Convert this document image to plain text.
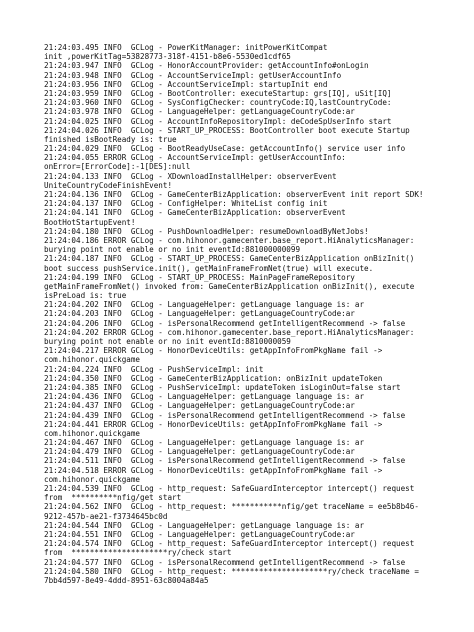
21:24:03.495 INFO  GCLog - PowerKitManager: initPowerKitCompat
init ,powerKitTag=53828773-318f-4151-b8e6-5530ed1cdf65
21:24:03.947 INFO  GCLog - HonorAccountProvider: getAccountInfo#onLogin
21:24:03.948 INFO  GCLog - AccountServiceImpl: getUserAccountInfo
21:24:03.956 INFO  GCLog - AccountServiceImpl: startupInit end
21:24:03.959 INFO  GCLog - BootController: executeStartup: grs[IQ], uSit[IQ]
21:24:03.960 INFO  GCLog - SysConfigChecker: countryCode:IQ,lastCountryCode:
21:24:03.978 INFO  GCLog - LanguageHelper: getLanguageCountryCode:ar
21:24:04.025 INFO  GCLog - AccountInfoRepositoryImpl: deCodeSpUserInfo start
21:24:04.026 INFO  GCLog - START_UP_PROCESS: BootController boot execute Startup
finished isBootReady is: true
21:24:04.029 INFO  GCLog - BootReadyUseCase: getAccountInfo() service user info
21:24:04.055 ERROR GCLog - AccountServiceImpl: getUserAccountInfo:
onError=[ErrorCode]:-1[DES]:null
21:24:04.133 INFO  GCLog - XDownloadInstallHelper: observerEvent
UniteCountryCodeFinishEvent!
21:24:04.136 INFO  GCLog - GameCenterBizApplication: observerEvent init report SDK!
21:24:04.137 INFO  GCLog - ConfigHelper: WhiteList config init
21:24:04.141 INFO  GCLog - GameCenterBizApplication: observerEvent
BootHotStartupEvent!
21:24:04.180 INFO  GCLog - PushDownloadHelper: resumeDownloadByNetJobs!
21:24:04.186 ERROR GCLog - com.hihonor.gamecenter.base_report.HiAnalyticsManager:
burying point not enable or no init eventId:881000000099
21:24:04.187 INFO  GCLog - START_UP_PROCESS: GameCenterBizApplication onBizInit()
boot success pushService.init(), getMainFrameFromNet(true) will execute.
21:24:04.199 INFO  GCLog - START_UP_PROCESS: MainPageFrameRepository
getMainFrameFromNet() invoked from: GameCenterBizApplication onBizInit(), execute
isPreLoad is: true
21:24:04.202 INFO  GCLog - LanguageHelper: getLanguage language is: ar
21:24:04.203 INFO  GCLog - LanguageHelper: getLanguageCountryCode:ar
21:24:04.206 INFO  GCLog - isPersonalRecommend getIntelligentRecommend -> false
21:24:04.202 ERROR GCLog - com.hihonor.gamecenter.base_report.HiAnalyticsManager:
burying point not enable or no init eventId:8810000059
21:24:04.217 ERROR GCLog - HonorDeviceUtils: getAppInfoFromPkgName fail ->
com.hihonor.quickgame
21:24:04.224 INFO  GCLog - PushServiceImpl: init
21:24:04.350 INFO  GCLog - GameCenterBizApplication: onBizInit updateToken
21:24:04.385 INFO  GCLog - PushServiceImpl: updateToken isLoginOut=false start
21:24:04.436 INFO  GCLog - LanguageHelper: getLanguage language is: ar
21:24:04.437 INFO  GCLog - LanguageHelper: getLanguageCountryCode:ar
21:24:04.439 INFO  GCLog - isPersonalRecommend getIntelligentRecommend -> false
21:24:04.441 ERROR GCLog - HonorDeviceUtils: getAppInfoFromPkgName fail ->
com.hihonor.quickgame
21:24:04.467 INFO  GCLog - LanguageHelper: getLanguage language is: ar
21:24:04.479 INFO  GCLog - LanguageHelper: getLanguageCountryCode:ar
21:24:04.511 INFO  GCLog - isPersonalRecommend getIntelligentRecommend -> false
21:24:04.518 ERROR GCLog - HonorDeviceUtils: getAppInfoFromPkgName fail ->
com.hihonor.quickgame
21:24:04.539 INFO  GCLog - http_request: SafeGuardInterceptor intercept() request
from  **********nfig/get start
21:24:04.562 INFO  GCLog - http_request: ***********nfig/get traceName = ee5b8b46-
9212-457b-ae21-f3734645bc0d
21:24:04.544 INFO  GCLog - LanguageHelper: getLanguage language is: ar
21:24:04.551 INFO  GCLog - LanguageHelper: getLanguageCountryCode:ar
21:24:04.574 INFO  GCLog - http_request: SafeGuardInterceptor intercept() request
from  *********************ry/check start
21:24:04.577 INFO  GCLog - isPersonalRecommend getIntelligentRecommend -> false
21:24:04.580 INFO  GCLog - http_request: *********************ry/check traceName =
7bb4d597-8e49-4ddd-8951-63c8004a84a5
